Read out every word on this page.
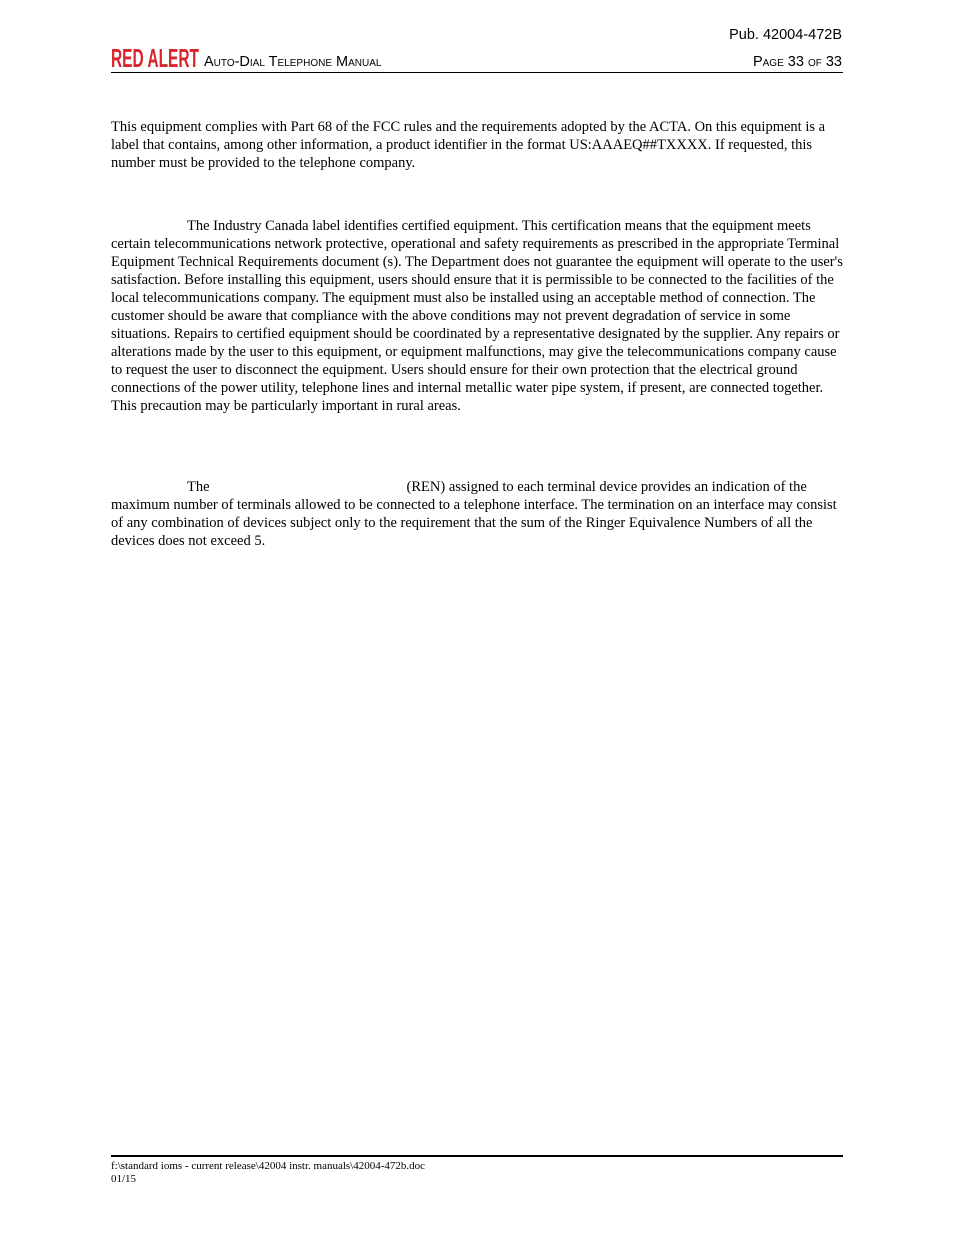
Pub. 42004-472B
RED ALERT Auto-Dial Telephone Manual	Page 33 of 33
This equipment complies with Part 68 of the FCC rules and the requirements adopted by the ACTA. On this equipment is a label that contains, among other information, a product identifier in the format US:AAAEQ##TXXXX. If requested, this number must be provided to the telephone company.
The Industry Canada label identifies certified equipment. This certification means that the equipment meets certain telecommunications network protective, operational and safety requirements as prescribed in the appropriate Terminal Equipment Technical Requirements document (s). The Department does not guarantee the equipment will operate to the user's satisfaction. Before installing this equipment, users should ensure that it is permissible to be connected to the facilities of the local telecommunications company. The equipment must also be installed using an acceptable method of connection. The customer should be aware that compliance with the above conditions may not prevent degradation of service in some situations. Repairs to certified equipment should be coordinated by a representative designated by the supplier. Any repairs or alterations made by the user to this equipment, or equipment malfunctions, may give the telecommunications company cause to request the user to disconnect the equipment. Users should ensure for their own protection that the electrical ground connections of the power utility, telephone lines and internal metallic water pipe system, if present, are connected together. This precaution may be particularly important in rural areas.
The	(REN) assigned to each terminal device provides an indication of the maximum number of terminals allowed to be connected to a telephone interface. The termination on an interface may consist of any combination of devices subject only to the requirement that the sum of the Ringer Equivalence Numbers of all the devices does not exceed 5.
f:\standard ioms - current release\42004 instr. manuals\42004-472b.doc
01/15
